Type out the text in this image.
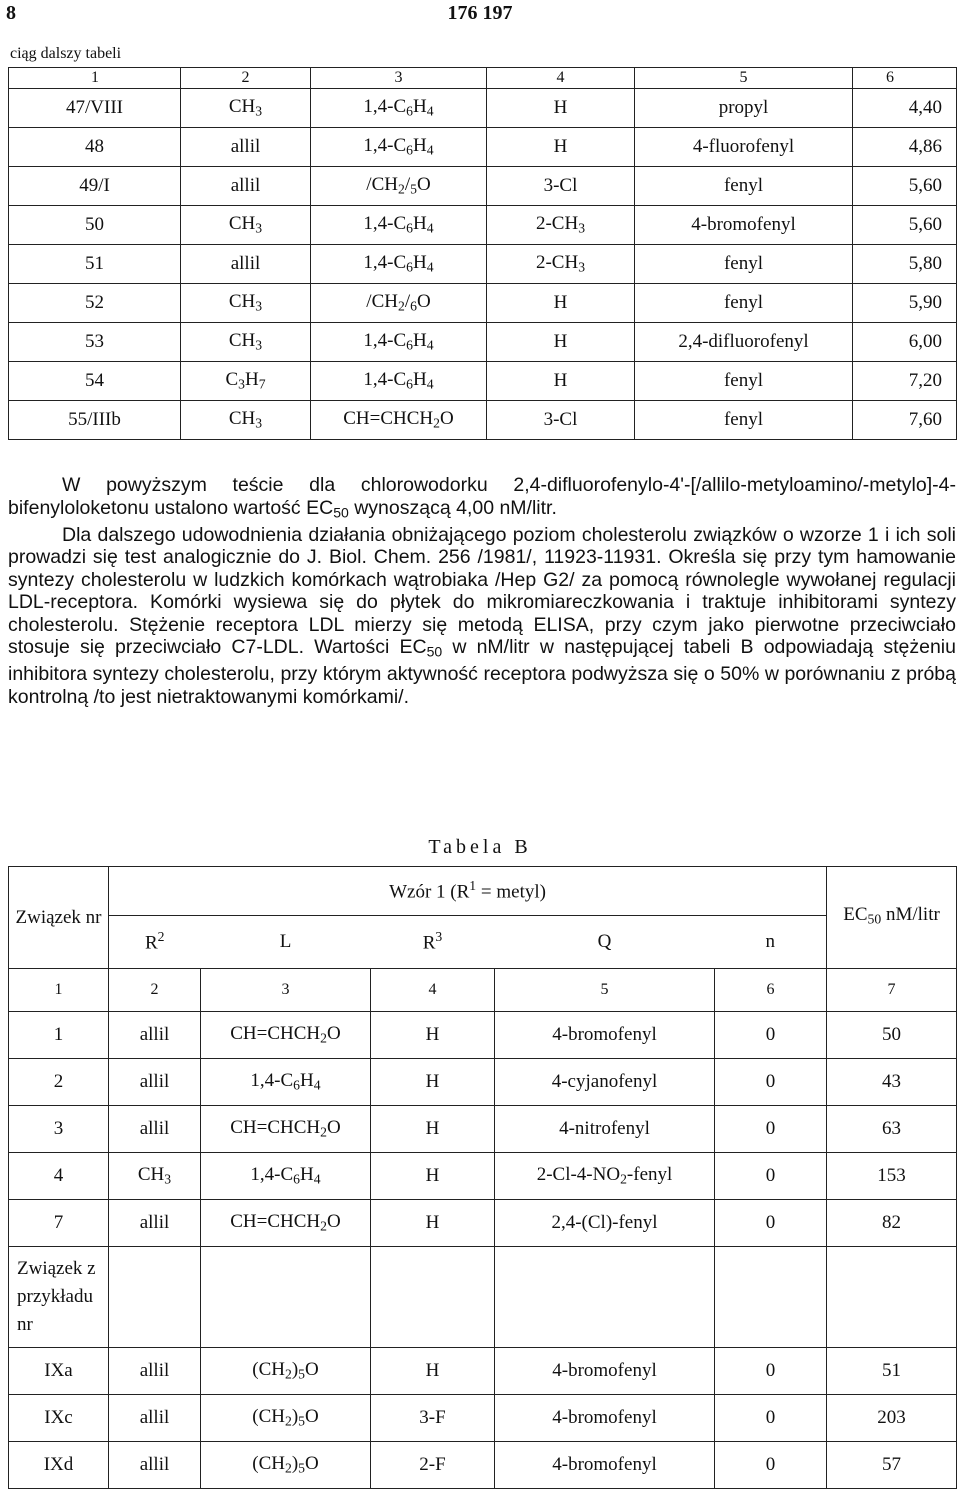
8	176 197
ciąg dalszy tabeli
1	2	3	4	5	6
47/VIII	$CH_3$	$1,4-C_6H_4$	H	propyl	4,40
48	allil	$1,4-C_6H_4$	H	4-fluorofenyl	4,86
49/I	allil	$/CH_2/_5O$	3-Cl	fenyl	5,60
50	$CH_3$	$1,4-C_6H_4$	$2-CH_3$	4-bromofenyl	5,60
51	allil	$1,4-C_6H_4$	$2-CH_3$	fenyl	5,80
52	$CH_3$	$/CH_2/_6O$	H	fenyl	5,90
53	$CH_3$	$1,4-C_6H_4$	H	2,4-difluorofenyl	6,00
54	$C_3H_7$	$1,4-C_6H_4$	H	fenyl	7,20
55/IIIb	$CH_3$	$CH=CHCH_2O$	3-Cl	fenyl	7,60

W powyższym teście dla chlorowodorku 2,4-difluorofenylo-4'-[/allilo-metyloamino/-metylo]-4-bifenyloloketonu ustalono wartość $EC_{50}$ wynoszącą 4,00 nM/litr.

Dla dalszego udowodnienia działania obniżającego poziom cholesterolu związków o wzorze 1 i ich soli prowadzi się test analogicznie do J. Biol. Chem. 256 /1981/, 11923-11931. Określa się przy tym hamowanie syntezy cholesterolu w ludzkich komórkach wątrobiaka /Hep G2/ za pomocą równolegle wywołanej regulacji LDL-receptora. Komórki wysiewa się do płytek do mikromiareczkowania i traktuje inhibitorami syntezy cholesterolu. Stężenie receptora LDL mierzy się metodą ELISA, przy czym jako pierwotne przeciwciało stosuje się przeciwciało C7-LDL. Wartości $EC_{50}$ w nM/litr w następującej tabeli B odpowiadają stężeniu inhibitora syntezy cholesterolu, przy którym aktywność receptora podwyższa się o 50% w porównaniu z próbą kontrolną /to jest nietraktowanymi komórkami/.

Tabela B
Związek nr	Wzór 1 ($R^1$ = metyl)					$EC_{50}$ nM/litr
	$R^2$	L	$R^3$	Q	n	
1	2	3	4	5	6	7
1	allil	$CH=CHCH_2O$	H	4-bromofenyl	0	50
2	allil	$1,4-C_6H_4$	H	4-cyjanofenyl	0	43
3	allil	$CH=CHCH_2O$	H	4-nitrofenyl	0	63
4	$CH_3$	$1,4-C_6H_4$	H	$2-Cl-4-NO_2$-fenyl	0	153
7	allil	$CH=CHCH_2O$	H	2,4-(Cl)-fenyl	0	82
Związek z przykładu nr						
IXa	allil	$(CH_2)_5O$	H	4-bromofenyl	0	51
IXc	allil	$(CH_2)_5O$	3-F	4-bromofenyl	0	203
IXd	allil	$(CH_2)_5O$	2-F	4-bromofenyl	0	57
